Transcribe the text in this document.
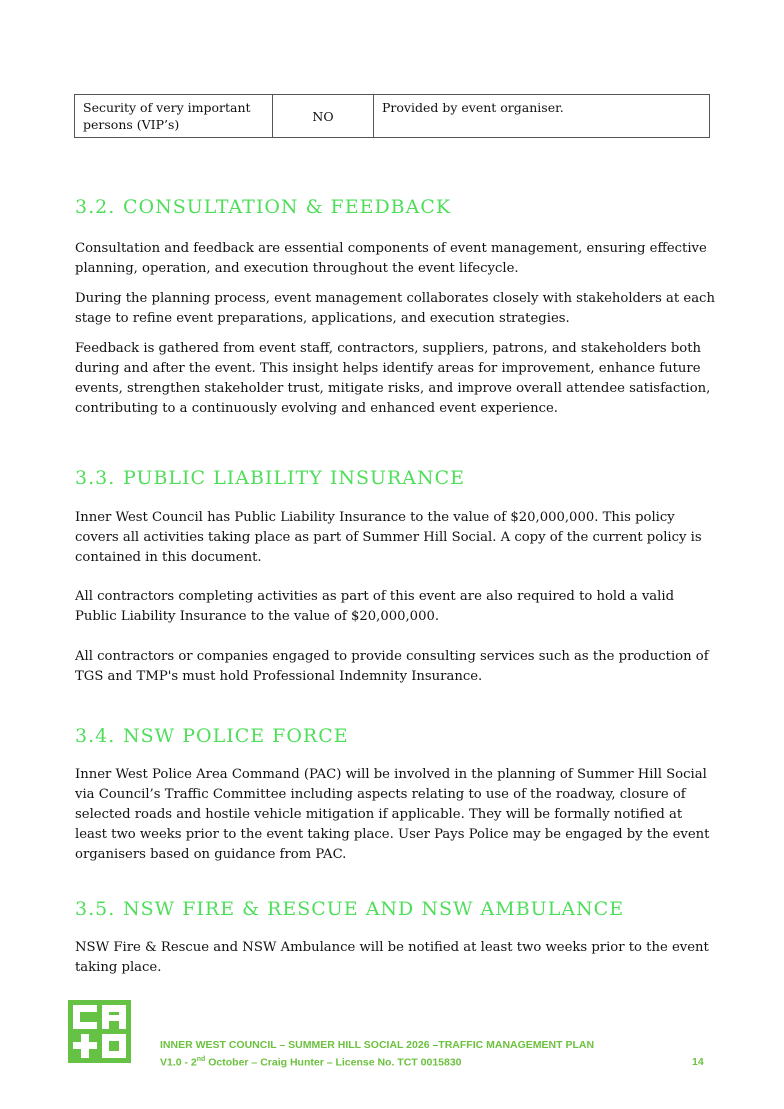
Security of very important persons (VIP’s)	NO	Provided by event organiser.
3.2. CONSULTATION & FEEDBACK

Consultation and feedback are essential components of event management, ensuring effective planning, operation, and execution throughout the event lifecycle.

During the planning process, event management collaborates closely with stakeholders at each stage to refine event preparations, applications, and execution strategies.

Feedback is gathered from event staff, contractors, suppliers, patrons, and stakeholders both during and after the event. This insight helps identify areas for improvement, enhance future events, strengthen stakeholder trust, mitigate risks, and improve overall attendee satisfaction, contributing to a continuously evolving and enhanced event experience.

3.3. PUBLIC LIABILITY INSURANCE

Inner West Council has Public Liability Insurance to the value of $20,000,000. This policy covers all activities taking place as part of Summer Hill Social. A copy of the current policy is contained in this document.

All contractors completing activities as part of this event are also required to hold a valid Public Liability Insurance to the value of $20,000,000.

All contractors or companies engaged to provide consulting services such as the production of TGS and TMP's must hold Professional Indemnity Insurance.

3.4. NSW POLICE FORCE

Inner West Police Area Command (PAC) will be involved in the planning of Summer Hill Social via Council’s Traffic Committee including aspects relating to use of the roadway, closure of selected roads and hostile vehicle mitigation if applicable. They will be formally notified at least two weeks prior to the event taking place. User Pays Police may be engaged by the event organisers based on guidance from PAC.

3.5. NSW FIRE & RESCUE AND NSW AMBULANCE

NSW Fire & Rescue and NSW Ambulance will be notified at least two weeks prior to the event taking place.

INNER WEST COUNCIL – SUMMER HILL SOCIAL 2026 –TRAFFIC MANAGEMENT PLAN
V1.0 - 2nd October – Craig Hunter – License No. TCT 0015830	14
